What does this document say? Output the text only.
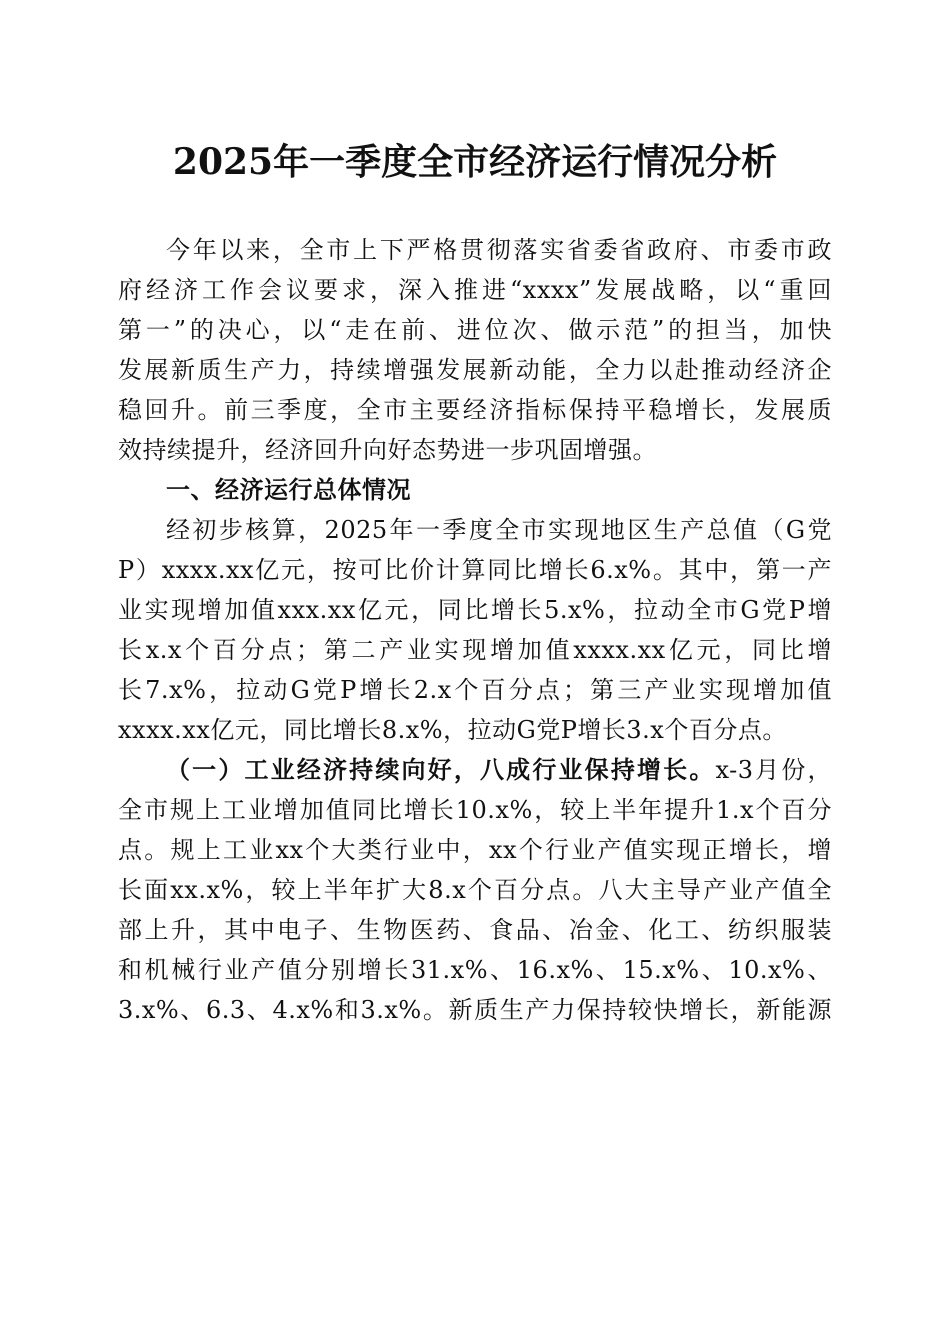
2025年一季度全市经济运行情况分析
今年以来，全市上下严格贯彻落实省委省政府、市委市政
府经济工作会议要求，深入推进“xxxx”发展战略，以“重回
第一”的决心，以“走在前、进位次、做示范”的担当，加快
发展新质生产力，持续增强发展新动能，全力以赴推动经济企
稳回升。前三季度，全市主要经济指标保持平稳增长，发展质
效持续提升，经济回升向好态势进一步巩固增强。
一、经济运行总体情况
经初步核算，2025年一季度全市实现地区生产总值（G党
P）xxxx.xx亿元，按可比价计算同比增长6.x%。其中，第一产
业实现增加值xxx.xx亿元，同比增长5.x%，拉动全市G党P增
长x.x个百分点；第二产业实现增加值xxxx.xx亿元，同比增
长7.x%，拉动G党P增长2.x个百分点；第三产业实现增加值
xxxx.xx亿元，同比增长8.x%，拉动G党P增长3.x个百分点。
（一）工业经济持续向好，八成行业保持增长。x-3月份，
全市规上工业增加值同比增长10.x%，较上半年提升1.x个百分
点。规上工业xx个大类行业中，xx个行业产值实现正增长，增
长面xx.x%，较上半年扩大8.x个百分点。八大主导产业产值全
部上升，其中电子、生物医药、食品、冶金、化工、纺织服装
和机械行业产值分别增长31.x%、16.x%、15.x%、10.x%、
3.x%、6.3、4.x%和3.x%。新质生产力保持较快增长，新能源
